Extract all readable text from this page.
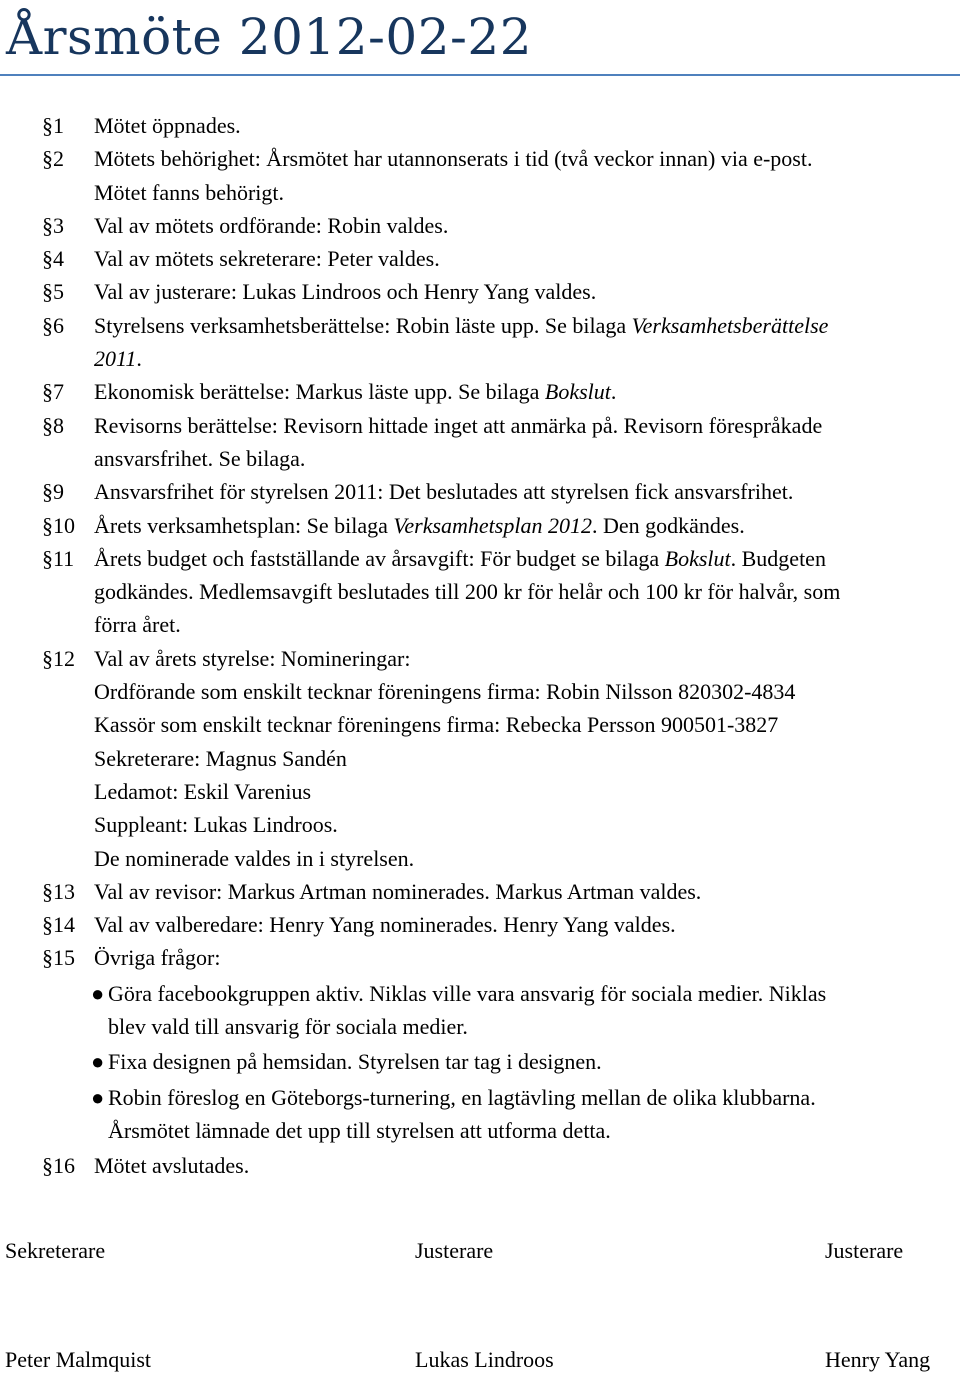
Årsmöte 2012-02-22
§1 Mötet öppnades.
§2 Mötets behörighet: Årsmötet har utannonserats i tid (två veckor innan) via e-post.
Mötet fanns behörigt.
§3 Val av mötets ordförande: Robin valdes.
§4 Val av mötets sekreterare: Peter valdes.
§5 Val av justerare: Lukas Lindroos och Henry Yang valdes.
§6 Styrelsens verksamhetsberättelse: Robin läste upp. Se bilaga Verksamhetsberättelse
2011.
§7 Ekonomisk berättelse: Markus läste upp. Se bilaga Bokslut.
§8 Revisorns berättelse: Revisorn hittade inget att anmärka på. Revisorn förespråkade
ansvarsfrihet. Se bilaga.
§9 Ansvarsfrihet för styrelsen 2011: Det beslutades att styrelsen fick ansvarsfrihet.
§10 Årets verksamhetsplan: Se bilaga Verksamhetsplan 2012. Den godkändes.
§11 Årets budget och fastställande av årsavgift: För budget se bilaga Bokslut. Budgeten
godkändes. Medlemsavgift beslutades till 200 kr för helår och 100 kr för halvår, som
förra året.
§12 Val av årets styrelse: Nomineringar:
Ordförande som enskilt tecknar föreningens firma: Robin Nilsson 820302-4834
Kassör som enskilt tecknar föreningens firma: Rebecka Persson 900501-3827
Sekreterare: Magnus Sandén
Ledamot: Eskil Varenius
Suppleant: Lukas Lindroos.
De nominerade valdes in i styrelsen.
§13 Val av revisor: Markus Artman nominerades. Markus Artman valdes.
§14 Val av valberedare: Henry Yang nominerades. Henry Yang valdes.
§15 Övriga frågor:
● Göra facebookgruppen aktiv. Niklas ville vara ansvarig för sociala medier. Niklas
blev vald till ansvarig för sociala medier.
● Fixa designen på hemsidan. Styrelsen tar tag i designen.
● Robin föreslog en Göteborgs-turnering, en lagtävling mellan de olika klubbarna.
Årsmötet lämnade det upp till styrelsen att utforma detta.
§16 Mötet avslutades.
Sekreterare	Justerare	Justerare
Peter Malmquist	Lukas Lindroos	Henry Yang
